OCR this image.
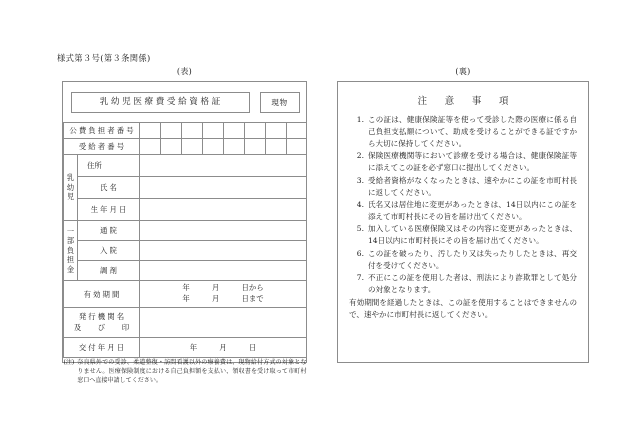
様式第３号(第３条関係)
(表)	(裏)
乳幼児医療費受給資格証 現物									

公費負担者番号									
受給者番号									

乳
幼
児	住所								

	氏名								
	生年月日								

一
部
負
担
金	通院								
	入院								
	調剤								
有効期間		年　　　月　　　日から
年　　　月　　　日まで							

発行機関名
及　　び　　印									

交付年月日		年　　　月　　　日							

(注) 奈良県外での受診、柔道整復・訪問看護以外の療養費は、現物給付方式の対象となりません。医療保険制度における自己負担額を支払い、領収書を受け取って市町村窓口へ直接申請してください。									
注　意　事　項
1. この証は、健康保険証等を使って受診した際の医療に係る自己負担支払額について、助成を受けることができる証ですから大切に保持してください。
2. 保険医療機関等において診療を受ける場合は、健康保険証等に添えてこの証を必ず窓口に提出してください。
3. 受給者資格がなくなったときは、速やかにこの証を市町村長に返してください。
4. 氏名又は居住地に変更があったときは、14日以内にこの証を添えて市町村長にその旨を届け出てください。
5. 加入している医療保険又はその内容に変更があったときは、14日以内に市町村長にその旨を届け出てください。
6. この証を破ったり、汚したり又は失ったりしたときは、再交付を受けてください。
7. 不正にこの証を使用した者は、刑法により詐欺罪として処分の対象となります。
有効期間を経過したときは、この証を使用することはできませんので、速やかに市町村長に返してください。
